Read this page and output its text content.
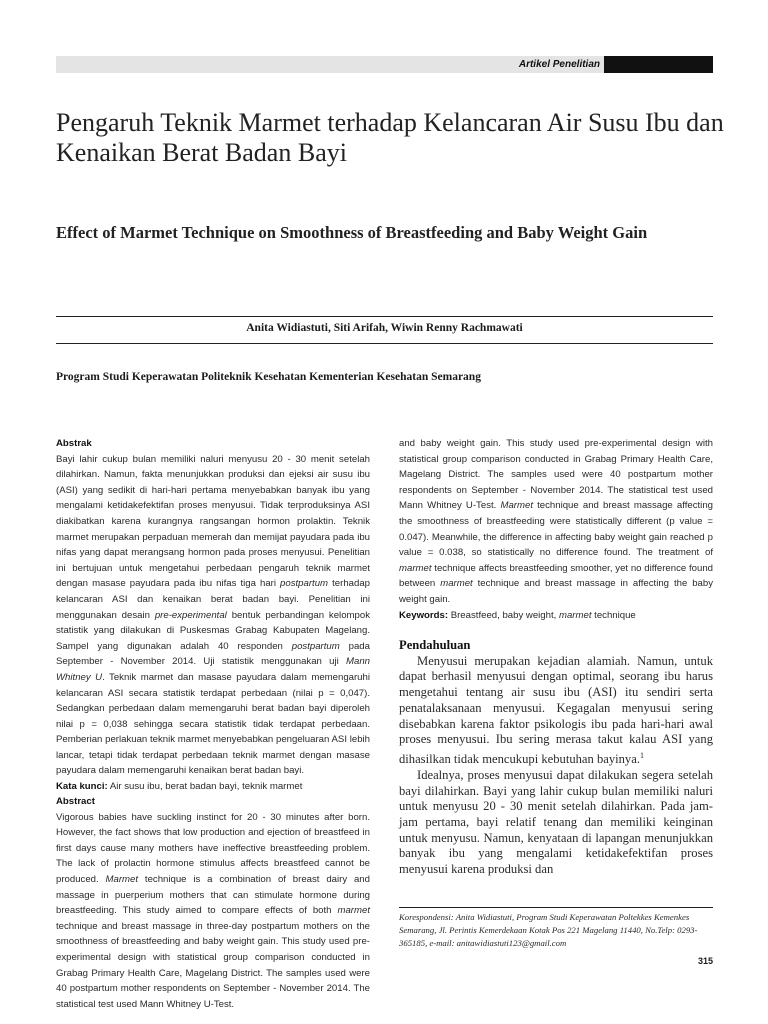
Artikel Penelitian
Pengaruh Teknik Marmet terhadap Kelancaran Air Susu Ibu dan Kenaikan Berat Badan Bayi
Effect of Marmet Technique on Smoothness of Breastfeeding and Baby Weight Gain
Anita Widiastuti, Siti Arifah, Wiwin Renny Rachmawati
Program Studi Keperawatan Politeknik Kesehatan Kementerian Kesehatan Semarang

Abstrak

Bayi lahir cukup bulan memiliki naluri menyusu 20 - 30 menit setelah dilahirkan. Namun, fakta menunjukkan produksi dan ejeksi air susu ibu (ASI) yang sedikit di hari-hari pertama menyebabkan banyak ibu yang mengalami ketidakefektifan proses menyusui. Tidak terproduksinya ASI diakibatkan karena kurangnya rangsangan hormon prolaktin. Teknik marmet merupakan perpaduan memerah dan memijat payudara pada ibu nifas yang dapat merangsang hormon pada proses menyusui. Penelitian ini bertujuan untuk mengetahui perbedaan pengaruh teknik marmet dengan masase payudara pada ibu nifas tiga hari postpartum terhadap kelancaran ASI dan kenaikan berat badan bayi. Penelitian ini menggunakan desain pre-experimental bentuk perbandingan kelompok statistik yang dilakukan di Puskesmas Grabag Kabupaten Magelang. Sampel yang digunakan adalah 40 responden postpartum pada September - November 2014. Uji statistik menggunakan uji Mann Whitney U. Teknik marmet dan masase payudara dalam memengaruhi kelancaran ASI secara statistik terdapat perbedaan (nilai p = 0,047). Sedangkan perbedaan dalam memengaruhi berat badan bayi diperoleh nilai p = 0,038 sehingga secara statistik tidak terdapat perbedaan. Pemberian perlakuan teknik marmet menyebabkan pengeluaran ASI lebih lancar, tetapi tidak terdapat perbedaan teknik marmet dengan masase payudara dalam memengaruhi kenaikan berat badan bayi.

Kata kunci: Air susu ibu, berat badan bayi, teknik marmet

Abstract

Vigorous babies have suckling instinct for 20 - 30 minutes after born. However, the fact shows that low production and ejection of breastfeed in first days cause many mothers have ineffective breastfeeding problem. The lack of prolactin hormone stimulus affects breastfeed cannot be produced. Marmet technique is a combination of breast dairy and massage in puerperium mothers that can stimulate hormone during breastfeeding. This study aimed to compare effects of both marmet technique and breast massage in three-day postpartum mothers on the smoothness of breastfeeding and baby weight gain. This study used pre-experimental design with statistical group comparison conducted in Grabag Primary Health Care, Magelang District. The samples used were 40 postpartum mother respondents on September - November 2014. The statistical test used Mann Whitney U-Test.

and baby weight gain. This study used pre-experimental design with statistical group comparison conducted in Grabag Primary Health Care, Magelang District. The samples used were 40 postpartum mother respondents on September - November 2014. The statistical test used Mann Whitney U-Test. Marmet technique and breast massage affecting the smoothness of breastfeeding were statistically different (p value = 0.047). Meanwhile, the difference in affecting baby weight gain reached p value = 0.038, so statistically no difference found. The treatment of marmet technique affects breastfeeding smoother, yet no difference found between marmet technique and breast massage in affecting the baby weight gain.

Keywords: Breastfeed, baby weight, marmet technique

Pendahuluan

Menyusui merupakan kejadian alamiah. Namun, untuk dapat berhasil menyusui dengan optimal, seorang ibu harus mengetahui tentang air susu ibu (ASI) itu sendiri serta penatalaksanaan menyusui. Kegagalan menyusui sering disebabkan karena faktor psikologis ibu pada hari-hari awal proses menyusui. Ibu sering merasa takut kalau ASI yang dihasilkan tidak mencukupi kebutuhan bayinya.$^1$

Idealnya, proses menyusui dapat dilakukan segera setelah bayi dilahirkan. Bayi yang lahir cukup bulan memiliki naluri untuk menyusu 20 - 30 menit setelah dilahirkan. Pada jam-jam pertama, bayi relatif tenang dan memiliki keinginan untuk menyusu. Namun, kenyataan di lapangan menunjukkan banyak ibu yang mengalami ketidakefektifan proses menyusui karena produksi dan

Korespondensi: Anita Widiastuti, Program Studi Keperawatan Poltekkes Kemenkes Semarang, Jl. Perintis Kemerdekaan Kotak Pos 221 Magelang 11440, No.Telp: 0293-365185, e-mail: anitawidiastuti123@gmail.com
315
